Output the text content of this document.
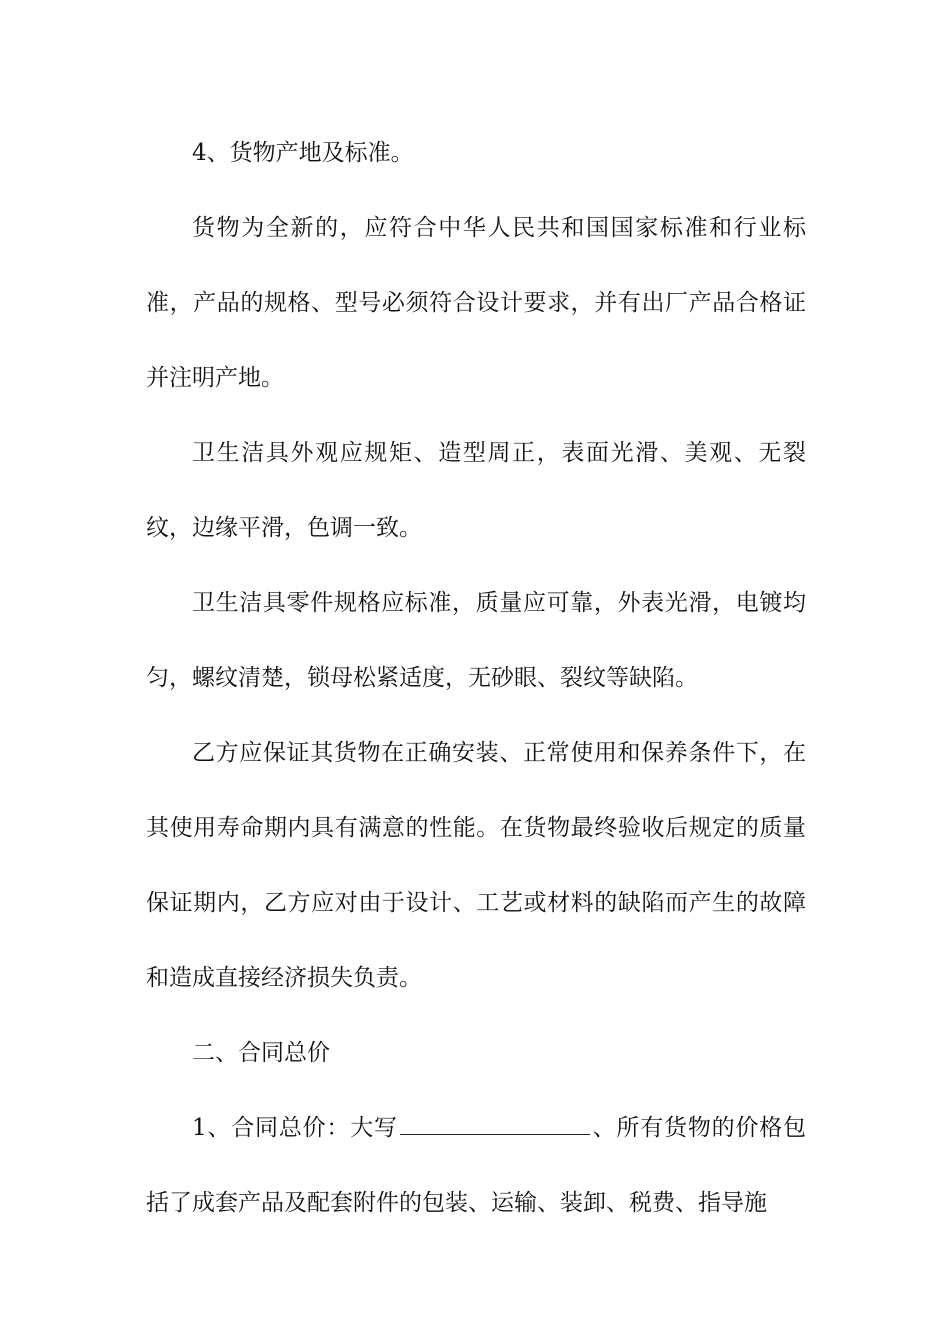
4、货物产地及标准。

货物为全新的，应符合中华人民共和国国家标准和行业标准，产品的规格、型号必须符合设计要求，并有出厂产品合格证并注明产地。

卫生洁具外观应规矩、造型周正，表面光滑、美观、无裂纹，边缘平滑，色调一致。

卫生洁具零件规格应标准，质量应可靠，外表光滑，电镀均匀，螺纹清楚，锁母松紧适度，无砂眼、裂纹等缺陷。

乙方应保证其货物在正确安装、正常使用和保养条件下，在其使用寿命期内具有满意的性能。在货物最终验收后规定的质量保证期内，乙方应对由于设计、工艺或材料的缺陷而产生的故障和造成直接经济损失负责。

二、合同总价

1、合同总价：大写	、所有货物的价格包括了成套产品及配套附件的包装、运输、装卸、税费、指导施
